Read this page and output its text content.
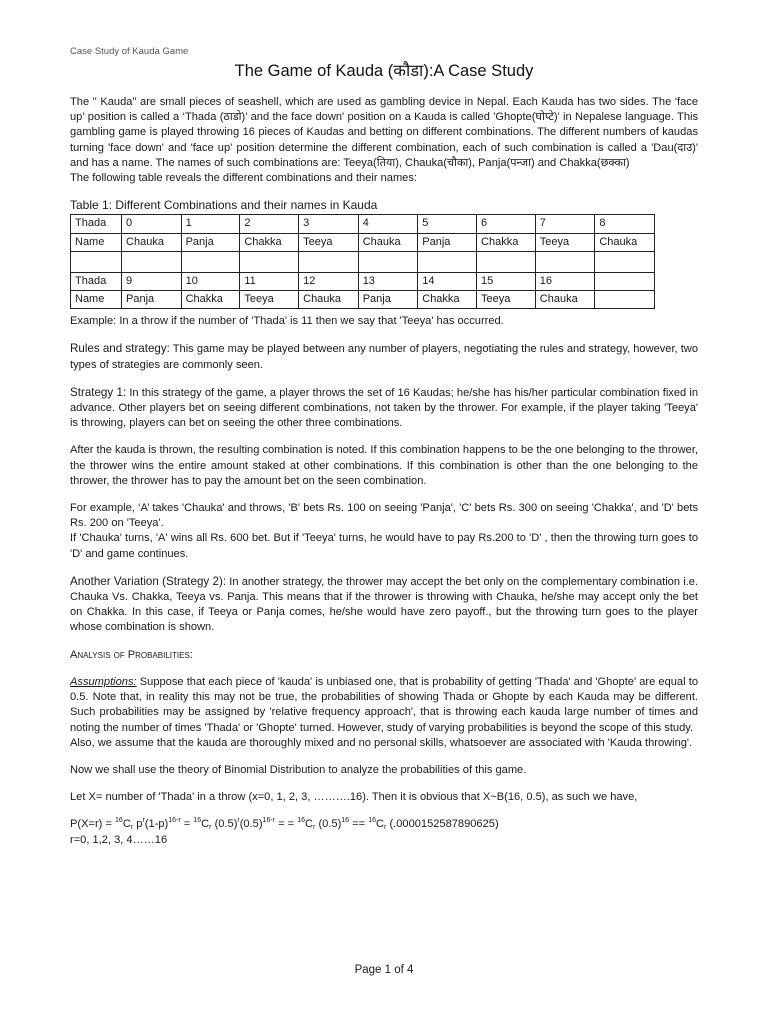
Case Study of Kauda Game
The Game of Kauda (कौडा):A Case Study

The " Kauda" are small pieces of seashell, which are used as gambling device in Nepal. Each Kauda has two sides. The 'face up' position is called a ‘Thada (ठाडो)’ and the face down' position on a Kauda is called 'Ghopte(घोप्टे)' in Nepalese language. This gambling game is played throwing 16 pieces of Kaudas and betting on different combinations. The different numbers of kaudas turning 'face down' and 'face up' position determine the different combination, each of such combination is called a 'Dau(दाउ)' and has a name. The names of such combinations are: Teeya(तिया), Chauka(चौका), Panja(पन्जा) and Chakka(छक्का)

The following table reveals the different combinations and their names:

Table 1: Different Combinations and their names in Kauda
Thada	0	1	2	3	4	5	6	7	8
Name	Chauka	Panja	Chakka	Teeya	Chauka	Panja	Chakka	Teeya	Chauka

Thada	9	10	11	12	13	14	15	16	
Name	Panja	Chakka	Teeya	Chauka	Panja	Chakka	Teeya	Chauka	

Example: In a throw if the number of 'Thada' is 11 then we say that 'Teeya' has occurred.

Rules and strategy: This game may be played between any number of players, negotiating the rules and strategy, however, two types of strategies are commonly seen.

Strategy 1: In this strategy of the game, a player throws the set of 16 Kaudas; he/she has his/her particular combination fixed in advance. Other players bet on seeing different combinations, not taken by the thrower. For example, if the player taking 'Teeya' is throwing, players can bet on seeing the other three combinations.

After the kauda is thrown, the resulting combination is noted. If this combination happens to be the one belonging to the thrower, the thrower wins the entire amount staked at other combinations. If this combination is other than the one belonging to the thrower, the thrower has to pay the amount bet on the seen combination.

For example, ‘A’ takes 'Chauka' and throws, 'B' bets Rs. 100 on seeing 'Panja', 'C' bets Rs. 300 on seeing 'Chakka', and 'D' bets Rs. 200 on 'Teeya'.

If 'Chauka' turns, 'A' wins all Rs. 600 bet. But if 'Teeya' turns, he would have to pay Rs.200 to 'D' , then the throwing turn goes to 'D' and game continues.

Another Variation (Strategy 2): In another strategy, the thrower may accept the bet only on the complementary combination i.e. Chauka Vs. Chakka, Teeya vs. Panja. This means that if the thrower is throwing with Chauka, he/she may accept only the bet on Chakka. In this case, if Teeya or Panja comes, he/she would have zero payoff., but the throwing turn goes to the player whose combination is shown.

Analysis of Probabilities:

Assumptions: Suppose that each piece of 'kauda' is unbiased one, that is probability of getting 'Thada' and 'Ghopte' are equal to 0.5. Note that, in reality this may not be true, the probabilities of showing Thada or Ghopte by each Kauda may be different. Such probabilities may be assigned by 'relative frequency approach', that is throwing each kauda large number of times and noting the number of times 'Thada' or 'Ghopte' turned. However, study of varying probabilities is beyond the scope of this study.

Also, we assume that the kauda are thoroughly mixed and no personal skills, whatsoever are associated with 'Kauda throwing'.

Now we shall use the theory of Binomial Distribution to analyze the probabilities of this game.

Let X= number of 'Thada' in a throw (x=0, 1, 2, 3, ……….16). Then it is obvious that X~B(16, 0.5), as such we have,

$P(X=r) = ^{16}C_r$ $p^r(1-p)^{16-r} = ^{16}C_r$ $(0.5)^r(0.5)^{16-r}$ = = $^{16}C_r$ $(0.5)^{16} == ^{16}C_r$ (.0000152587890625)
r=0, 1,2, 3, 4……16
Page 1 of 4
